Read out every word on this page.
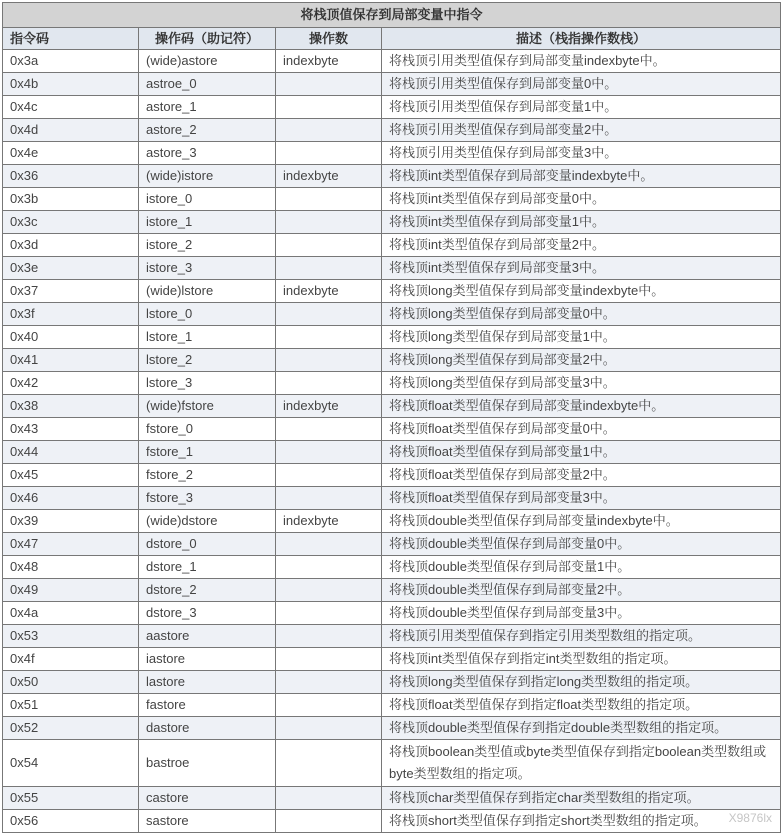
将栈顶值保存到局部变量中指令			
指令码	操作码（助记符）	操作数	描述（栈指操作数栈）
0x3a	(wide)astore	indexbyte	将栈顶引用类型值保存到局部变量indexbyte中。
0x4b	astroe_0		将栈顶引用类型值保存到局部变量0中。
0x4c	astore_1		将栈顶引用类型值保存到局部变量1中。
0x4d	astore_2		将栈顶引用类型值保存到局部变量2中。
0x4e	astore_3		将栈顶引用类型值保存到局部变量3中。
0x36	(wide)istore	indexbyte	将栈顶int类型值保存到局部变量indexbyte中。
0x3b	istore_0		将栈顶int类型值保存到局部变量0中。
0x3c	istore_1		将栈顶int类型值保存到局部变量1中。
0x3d	istore_2		将栈顶int类型值保存到局部变量2中。
0x3e	istore_3		将栈顶int类型值保存到局部变量3中。
0x37	(wide)lstore	indexbyte	将栈顶long类型值保存到局部变量indexbyte中。
0x3f	lstore_0		将栈顶long类型值保存到局部变量0中。
0x40	lstore_1		将栈顶long类型值保存到局部变量1中。
0x41	lstore_2		将栈顶long类型值保存到局部变量2中。
0x42	lstore_3		将栈顶long类型值保存到局部变量3中。
0x38	(wide)fstore	indexbyte	将栈顶float类型值保存到局部变量indexbyte中。
0x43	fstore_0		将栈顶float类型值保存到局部变量0中。
0x44	fstore_1		将栈顶float类型值保存到局部变量1中。
0x45	fstore_2		将栈顶float类型值保存到局部变量2中。
0x46	fstore_3		将栈顶float类型值保存到局部变量3中。
0x39	(wide)dstore	indexbyte	将栈顶double类型值保存到局部变量indexbyte中。
0x47	dstore_0		将栈顶double类型值保存到局部变量0中。
0x48	dstore_1		将栈顶double类型值保存到局部变量1中。
0x49	dstore_2		将栈顶double类型值保存到局部变量2中。
0x4a	dstore_3		将栈顶double类型值保存到局部变量3中。
0x53	aastore		将栈顶引用类型值保存到指定引用类型数组的指定项。
0x4f	iastore		将栈顶int类型值保存到指定int类型数组的指定项。
0x50	lastore		将栈顶long类型值保存到指定long类型数组的指定项。
0x51	fastore		将栈顶float类型值保存到指定float类型数组的指定项。
0x52	dastore		将栈顶double类型值保存到指定double类型数组的指定项。
0x54	bastroe		将栈顶boolean类型值或byte类型值保存到指定boolean类型数组或byte类型数组的指定项。
0x55	castore		将栈顶char类型值保存到指定char类型数组的指定项。
0x56	sastore		将栈顶short类型值保存到指定short类型数组的指定项。 X9876lx
